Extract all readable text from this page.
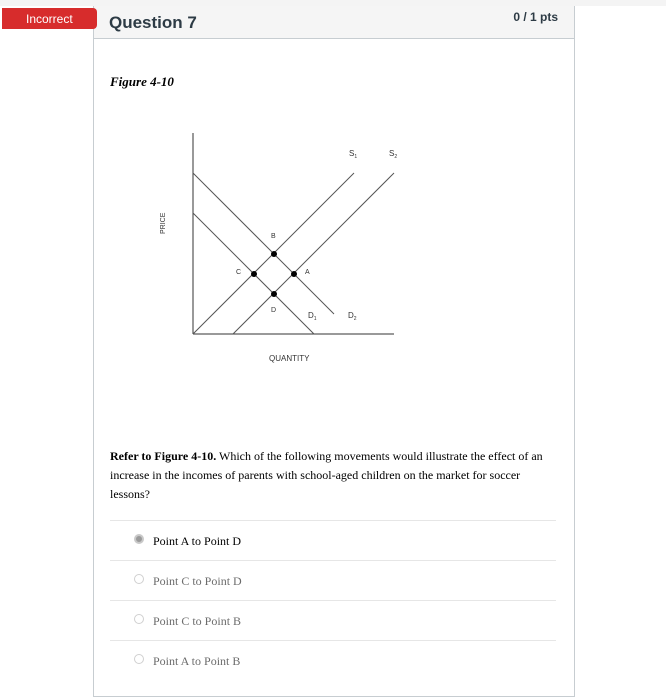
Question 7	0 / 1 pts
Incorrect
Figure 4-10
B
C	A
D
$S_1$	$S_2$
$D_1$	$D_2$
QUANTITY
PRICE
Refer to Figure 4-10. Which of the following movements would illustrate the effect of an increase in the incomes of parents with school-aged children on the market for soccer lessons?
Point A to Point D
Point C to Point D
Point C to Point B
Point A to Point B
